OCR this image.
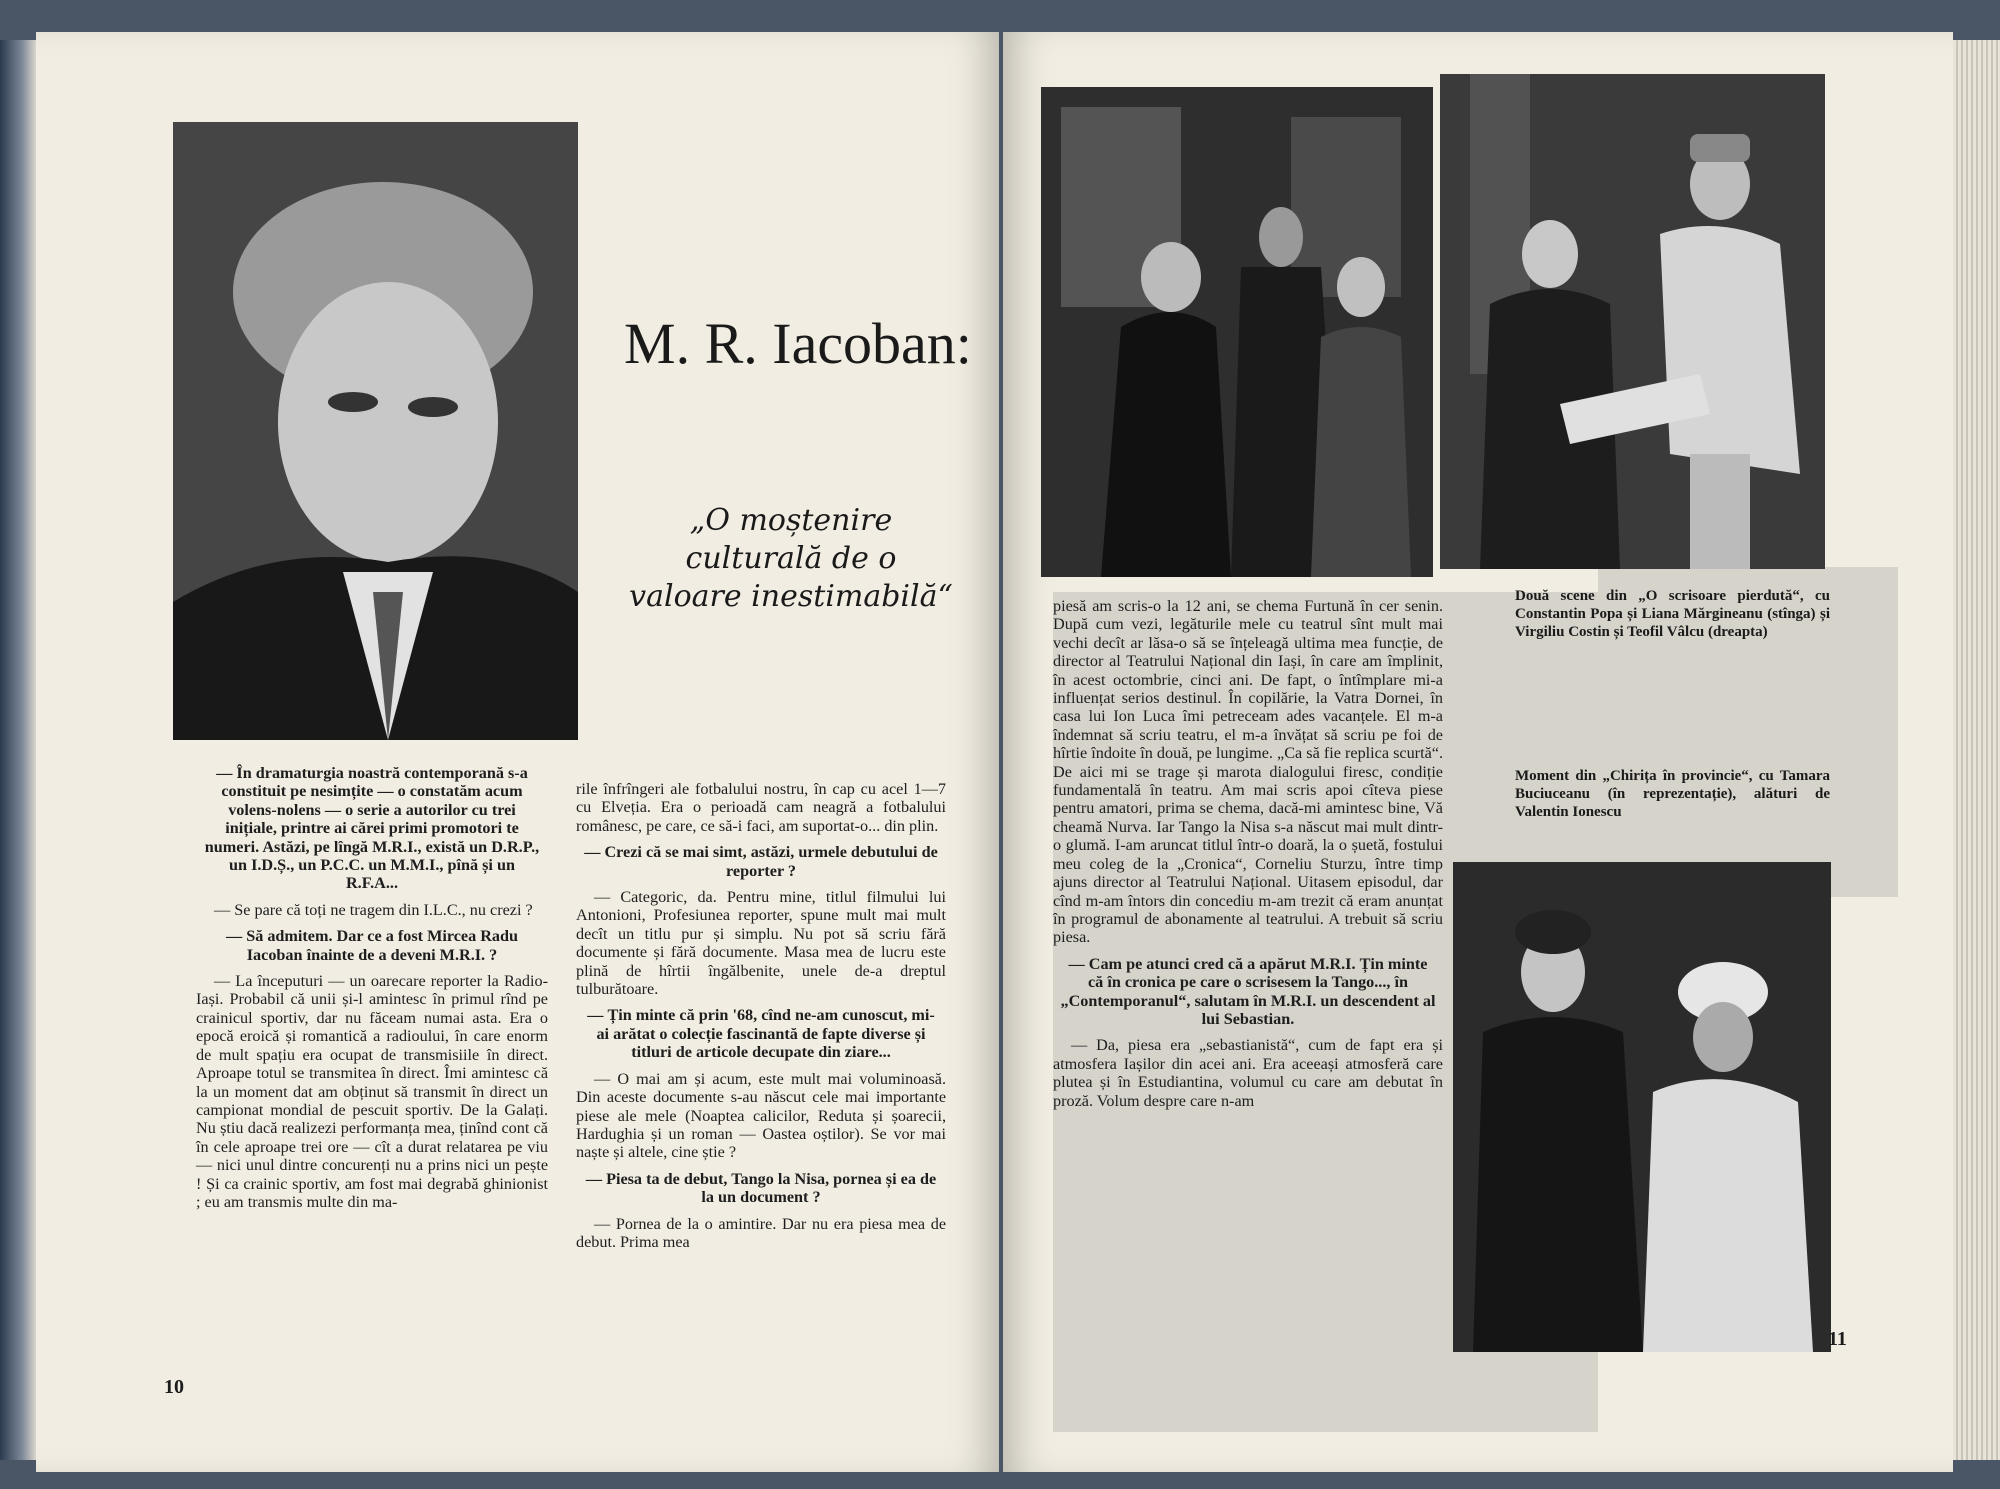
M. R. Iacoban:
„O moștenire
culturală de o
valoare inestimabilă“

— În dramaturgia noastră contemporană s-a constituit pe nesimțite — o constatăm acum volens-nolens — o serie a autorilor cu trei inițiale, printre ai cărei primi promotori te numeri. Astăzi, pe lîngă M.R.I., există un D.R.P., un I.D.Ș., un P.C.C. un M.M.I., pînă și un R.F.A...

— Se pare că toți ne tragem din I.L.C., nu crezi ?

— Să admitem. Dar ce a fost Mircea Radu Iacoban înainte de a deveni M.R.I. ?

— La începuturi — un oarecare reporter la Radio-Iași. Probabil că unii și-l amintesc în primul rînd pe crainicul sportiv, dar nu făceam numai asta. Era o epocă eroică și romantică a radioului, în care enorm de mult spațiu era ocupat de transmisiile în direct. Aproape totul se transmitea în direct. Îmi amintesc că la un moment dat am obținut să transmit în direct un campionat mondial de pescuit sportiv. De la Galați. Nu știu dacă realizezi performanța mea, ținînd cont că în cele aproape trei ore — cît a durat relatarea pe viu — nici unul dintre concurenți nu a prins nici un pește ! Și ca crainic sportiv, am fost mai degrabă ghinionist ; eu am transmis multe din ma-

rile înfrîngeri ale fotbalului nostru, în cap cu acel 1—7 cu Elveția. Era o perioadă cam neagră a fotbalului românesc, pe care, ce să-i faci, am suportat-o... din plin.

— Crezi că se mai simt, astăzi, urmele debutului de reporter ?

— Categoric, da. Pentru mine, titlul filmului lui Antonioni, Profesiunea reporter, spune mult mai mult decît un titlu pur și simplu. Nu pot să scriu fără documente și fără documente. Masa mea de lucru este plină de hîrtii îngălbenite, unele de-a dreptul tulburătoare.

— Țin minte că prin '68, cînd ne-am cunoscut, mi-ai arătat o colecție fascinantă de fapte diverse și titluri de articole decupate din ziare...

— O mai am și acum, este mult mai voluminoasă. Din aceste documente s-au născut cele mai importante piese ale mele (Noaptea calicilor, Reduta și șoarecii, Hardughia și un roman — Oastea oștilor). Se vor mai naște și altele, cine știe ?

— Piesa ta de debut, Tango la Nisa, pornea și ea de la un document ?

— Pornea de la o amintire. Dar nu era piesa mea de debut. Prima mea

10
Două scene din „O scrisoare pierdută“, cu Constantin Popa și Liana Mărgineanu (stînga) și Virgiliu Costin și Teofil Vâlcu (dreapta)
Moment din „Chirița în provincie“, cu Tamara Buciuceanu (în reprezentație), alături de Valentin Ionescu

piesă am scris-o la 12 ani, se chema Furtună în cer senin. După cum vezi, legăturile mele cu teatrul sînt mult mai vechi decît ar lăsa-o să se înțeleagă ultima mea funcție, de director al Teatrului Național din Iași, în care am împlinit, în acest octombrie, cinci ani. De fapt, o întîmplare mi-a influențat serios destinul. În copilărie, la Vatra Dornei, în casa lui Ion Luca îmi petreceam ades vacanțele. El m-a îndemnat să scriu teatru, el m-a învățat să scriu pe foi de hîrtie îndoite în două, pe lungime. „Ca să fie replica scurtă“. De aici mi se trage și marota dialogului firesc, condiție fundamentală în teatru. Am mai scris apoi cîteva piese pentru amatori, prima se chema, dacă-mi amintesc bine, Vă cheamă Nurva. Iar Tango la Nisa s-a născut mai mult dintr-o glumă. I-am aruncat titlul într-o doară, la o șuetă, fostului meu coleg de la „Cronica“, Corneliu Sturzu, între timp ajuns director al Teatrului Național. Uitasem episodul, dar cînd m-am întors din concediu m-am trezit că eram anunțat în programul de abonamente al teatrului. A trebuit să scriu piesa.

— Cam pe atunci cred că a apărut M.R.I. Țin minte că în cronica pe care o scrisesem la Tango..., în „Contemporanul“, salutam în M.R.I. un descendent al lui Sebastian.

— Da, piesa era „sebastianistă“, cum de fapt era și atmosfera Iașilor din acei ani. Era aceeași atmosferă care plutea și în Estudiantina, volumul cu care am debutat în proză. Volum despre care n-am

11
